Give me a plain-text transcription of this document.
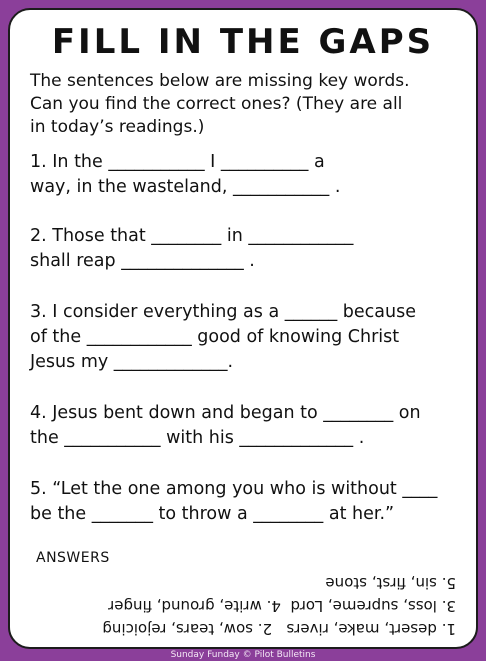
FILL IN THE GAPS
The sentences below are missing key words.
Can you find the correct ones? (They are all
in today’s readings.)
1. In the ___________ I __________ a
way, in the wasteland, ___________ .
2. Those that ________ in ____________
shall reap ______________ .
3. I consider everything as a ______ because
of the ____________ good of knowing Christ
Jesus my _____________.
4. Jesus bent down and began to ________ on
the ___________ with his _____________ .
5. “Let the one among you who is without ____
be the _______ to throw a ________ at her.”
ANSWERS
1. desert, make, rivers   2. sow, tears, rejoicing
3. loss, supreme, Lord  4. write, ground, finger
5. sin, first, stone
Sunday Funday © Pilot Bulletins
